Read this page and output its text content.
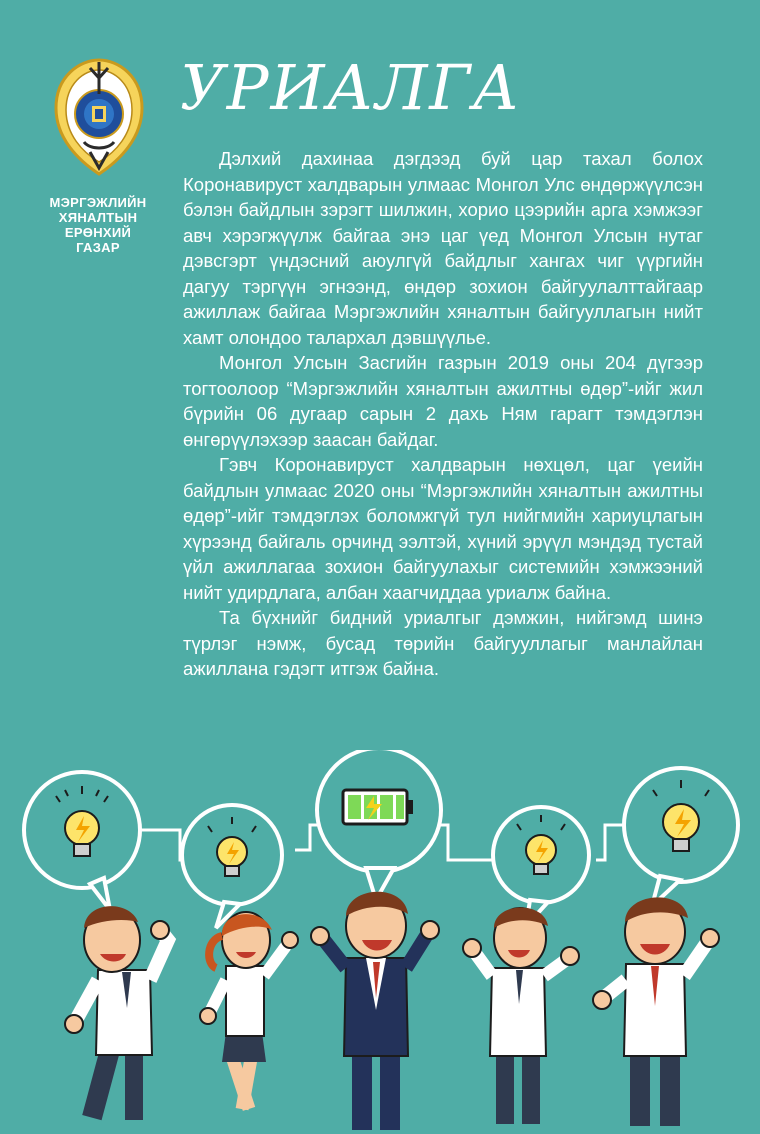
МЭРГЭЖЛИЙН
ХЯНАЛТЫН
ЕРӨНХИЙ
ГАЗАР
УРИАЛГА

Дэлхий дахинаа дэгдээд буй цар тахал болох Коронавируст халдварын улмаас Монгол Улс өндөржүүлсэн бэлэн байдлын зэрэгт шилжин, хорио цээрийн арга хэмжээг авч хэрэгжүүлж байгаа энэ цаг үед Монгол Улсын нутаг дэвсгэрт үндэсний аюулгүй байдлыг хангах чиг үүргийн дагуу тэргүүн эгнээнд, өндөр зохион байгуулалттайгаар ажиллаж байгаа Мэргэжлийн хяналтын байгууллагын нийт хамт олондоо талархал дэвшүүлье.

Монгол Улсын Засгийн газрын 2019 оны 204 дүгээр тогтоолоор “Мэргэжлийн хяналтын ажилтны өдөр”-ийг жил бүрийн 06 дугаар сарын 2 дахь Ням гарагт тэмдэглэн өнгөрүүлэхээр заасан байдаг.

Гэвч Коронавируст халдварын нөхцөл, цаг үеийн байдлын улмаас 2020 оны “Мэргэжлийн хяналтын ажилтны өдөр”-ийг тэмдэглэх боломжгүй тул нийгмийн хариуцлагын хүрээнд байгаль орчинд ээлтэй, хүний эрүүл мэндэд тустай үйл ажиллагаа зохион байгуулахыг системийн хэмжээний нийт удирдлага, албан хаагчиддаа уриалж байна.

Та бүхнийг бидний уриалгыг дэмжин, нийгэмд шинэ түрлэг нэмж, бусад төрийн байгууллагыг манлайлан ажиллана гэдэгт итгэж байна.
